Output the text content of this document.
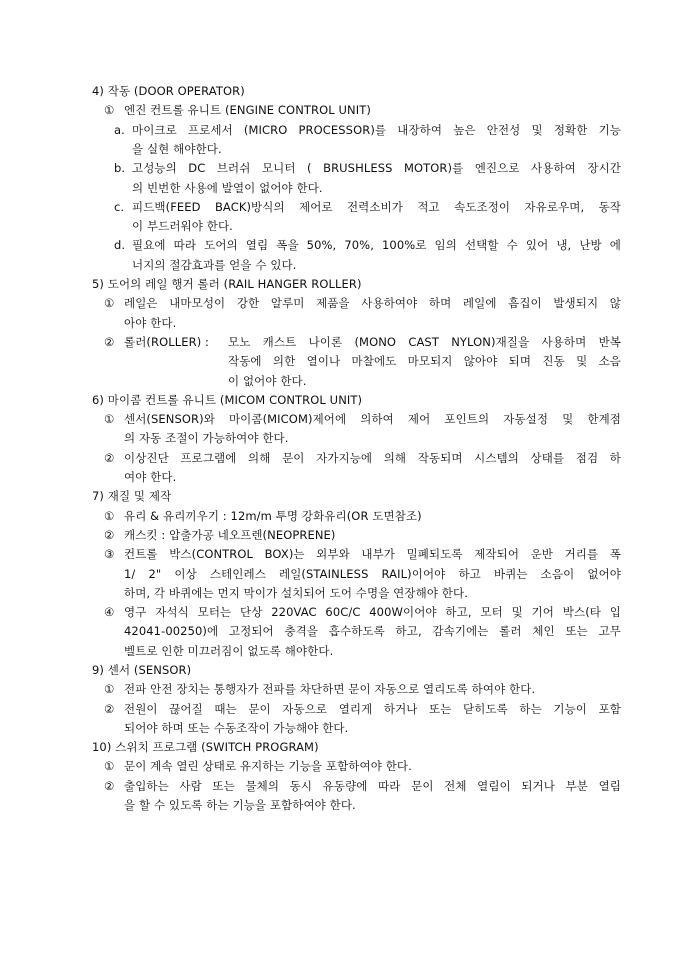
4) 작동 (DOOR OPERATOR)
① 엔진 컨트롤 유니트 (ENGINE CONTROL UNIT)
a. 마이크로 프로세서 (MICRO PROCESSOR)를 내장하여 높은 안전성 및 정확한 기능
을 실현 해야한다.
b. 고성능의 DC 브러쉬 모니터 ( BRUSHLESS MOTOR)를 엔진으로 사용하여 장시간
의 빈번한 사용에 발열이 없어야 한다.
c. 피드백(FEED BACK)방식의 제어로 전력소비가 적고 속도조정이 자유로우며, 동작
이 부드러워야 한다.
d. 필요에 따라 도어의 열림 폭을 50%, 70%, 100%로 임의 선택할 수 있어 냉, 난방 에
너지의 절감효과를 얻을 수 있다.
5) 도어의 레일 행거 롤러 (RAIL HANGER ROLLER)
① 레일은 내마모성이 강한 알루미 제품을 사용하여야 하며 레일에 흠집이 발생되지 않
아야 한다.
② 롤러(ROLLER) : 모노 캐스트 나이론 (MONO CAST NYLON)재질을 사용하며 반복
작동에 의한 열이나 마찰에도 마모되지 않아야 되며 진동 및 소음
이 없어야 한다.
6) 마이콤 컨트롤 유니트 (MICOM CONTROL UNIT)
① 센서(SENSOR)와 마이콤(MICOM)제어에 의하여 제어 포인트의 자동설정 및 한계점
의 자동 조절이 가능하여야 한다.
② 이상진단 프로그램에 의해 문이 자가지능에 의해 작동되며 시스템의 상태를 점검 하
여야 한다.
7) 재질 및 제작
① 유리 & 유리끼우기 : 12m/m 투명 강화유리(OR 도면참조)
② 캐스킷 : 압출가공 네오프렌(NEOPRENE)
③ 컨트롤 박스(CONTROL BOX)는 외부와 내부가 밀폐되도록 제작되어 운반 거리를 폭
1/ 2" 이상 스테인레스 레일(STAINLESS RAIL)이어야 하고 바퀴는 소음이 없어야
하며, 각 바퀴에는 먼지 막이가 설치되어 도어 수명을 연장해야 한다.
④ 영구 자석식 모터는 단상 220VAC 60C/C 400W이어야 하고, 모터 및 기어 박스(타 입
42041-00250)에 고정되어 충격을 흡수하도록 하고, 감속기에는 롤러 체인 또는 고무
벨트로 인한 미끄러짐이 없도록 해야한다.
9) 센서 (SENSOR)
① 전파 안전 장치는 통행자가 전파를 차단하면 문이 자동으로 열리도록 하여야 한다.
② 전원이 끊어질 때는 문이 자동으로 열리게 하거나 또는 닫히도록 하는 기능이 포함
되어야 하며 또는 수동조작이 가능해야 한다.
10) 스위치 프로그램 (SWITCH PROGRAM)
① 문이 계속 열린 상태로 유지하는 기능을 포함하여야 한다.
② 출입하는 사람 또는 물체의 동시 유동량에 따라 문이 전체 열림이 되거나 부분 열림
을 할 수 있도록 하는 기능을 포함하여야 한다.
